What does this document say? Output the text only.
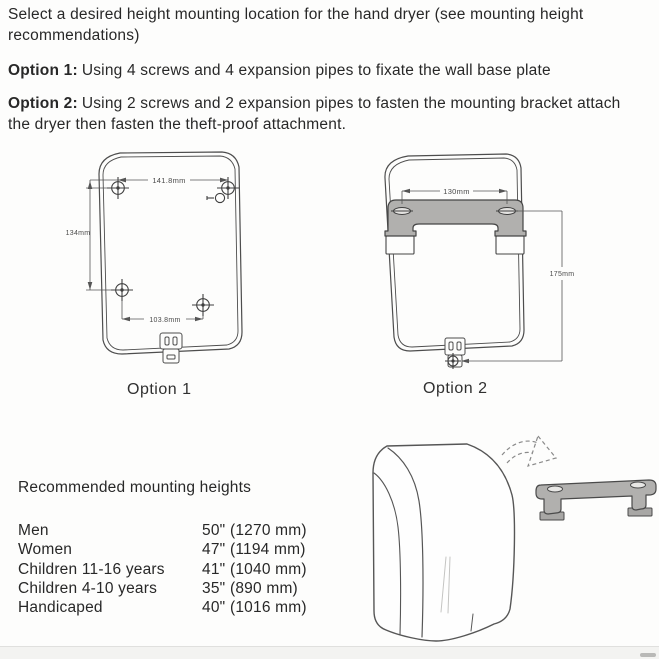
Select a desired height mounting location for the hand dryer (see mounting height recommendations)

Option 1: Using 4 screws and 4 expansion pipes to fixate the wall base plate

Option 2: Using 2 screws and 2 expansion pipes to fasten the mounting bracket attach the dryer then fasten the theft-proof attachment.

141.8mm
134mm
103.8mm
130mm
175mm
Option 1	Option 2
Recommended mounting heights
Men	50" (1270 mm)
Women	47" (1194 mm)
Children 11-16 years	41" (1040 mm)
Children 4-10 years	35" (890 mm)
Handicaped	40" (1016 mm)
